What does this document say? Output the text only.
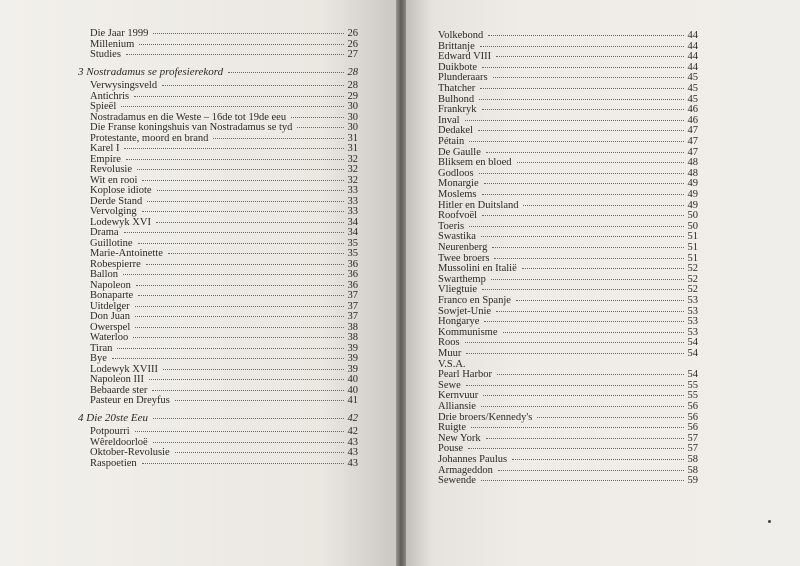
Die Jaar 1999	26
Millenium	26
Studies	27
3 Nostradamus se profesierekord	28
Verwysingsveld	28
Antichris	29
Spieël	30
Nostradamus en die Weste – 16de tot 19de eeu	30
Die Franse koningshuis van Nostradamus se tyd	30
Protestante, moord en brand	31
Karel I	31
Empire	32
Revolusie	32
Wit en rooi	32
Koplose idiote	33
Derde Stand	33
Vervolging	33
Lodewyk XVI	34
Drama	34
Guillotine	35
Marie-Antoinette	35
Robespierre	36
Ballon	36
Napoleon	36
Bonaparte	37
Uitdelger	37
Don Juan	37
Owerspel	38
Waterloo	38
Tiran	39
Bye	39
Lodewyk XVIII	39
Napoleon III	40
Bebaarde ster	40
Pasteur en Dreyfus	41
4 Die 20ste Eeu	42
Potpourri	42
Wêreldoorloë	43
Oktober-Revolusie	43
Raspoetien	43
Volkebond	44
Brittanje	44
Edward VIII	44
Duikbote	44
Plunderaars	45
Thatcher	45
Bulhond	45
Frankryk	46
Inval	46
Dedakel	47
Pétain	47
De Gaulle	47
Bliksem en bloed	48
Godloos	48
Monargie	49
Moslems	49
Hitler en Duitsland	49
Roofvoël	50
Toeris	50
Swastika	51
Neurenberg	51
Twee broers	51
Mussolini en Italië	52
Swarthemp	52
Vliegtuie	52
Franco en Spanje	53
Sowjet-Unie	53
Hongarye	53
Kommunisme	53
Roos	54
Muur	54
V.S.A.
Pearl Harbor	54
Sewe	55
Kernvuur	55
Alliansie	56
Drie broers/Kennedy's	56
Ruigte	56
New York	57
Pouse	57
Johannes Paulus	58
Armageddon	58
Sewende	59
